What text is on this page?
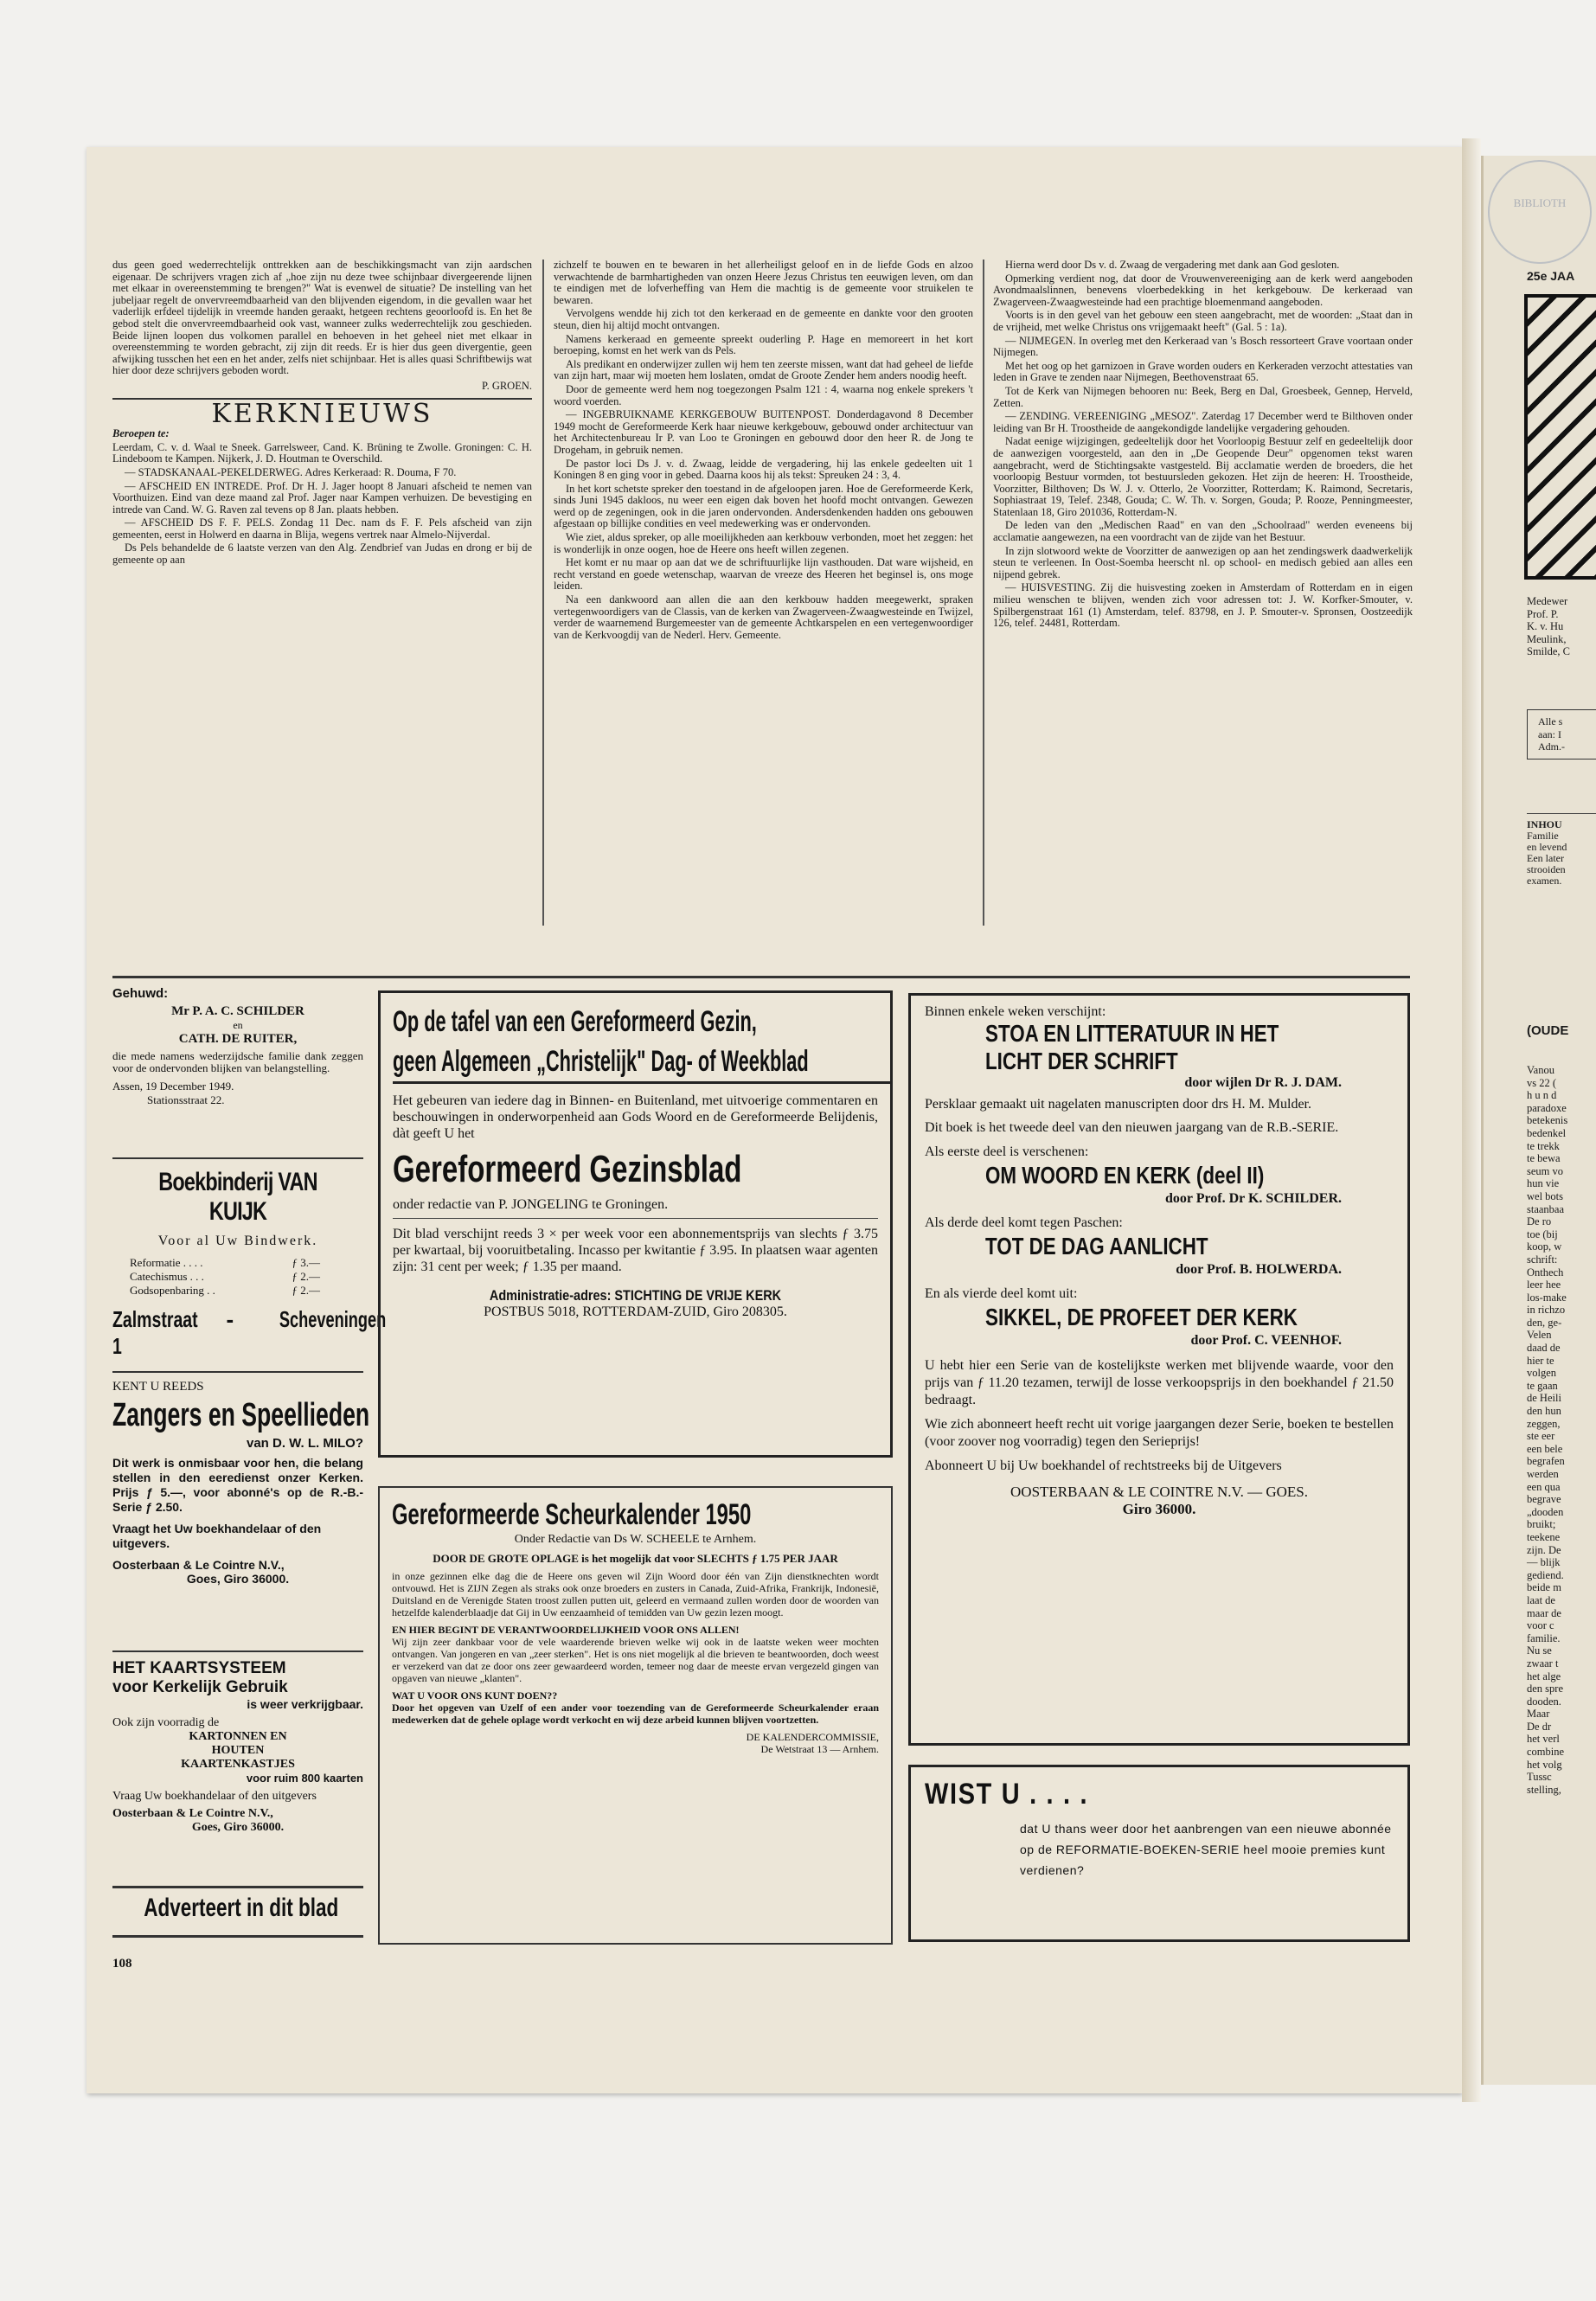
dus geen goed wederrechtelijk onttrekken aan de beschikkingsmacht van zijn aardschen eigenaar. De schrijvers vragen zich af „hoe zijn nu deze twee schijnbaar divergeerende lijnen met elkaar in overeenstemming te brengen?" Wat is evenwel de situatie? De instelling van het jubeljaar regelt de onvervreemdbaarheid van den blijvenden eigendom, in die gevallen waar het vaderlijk erfdeel tijdelijk in vreemde handen geraakt, hetgeen rechtens geoorloofd is. En het 8e gebod stelt die onvervreemdbaarheid ook vast, wanneer zulks wederrechtelijk zou geschieden. Beide lijnen loopen dus volkomen parallel en behoeven in het geheel niet met elkaar in overeenstemming te worden gebracht, zij zijn dit reeds. Er is hier dus geen divergentie, geen afwijking tusschen het een en het ander, zelfs niet schijnbaar. Het is alles quasi Schriftbewijs wat hier door deze schrijvers geboden wordt.

P. GROEN.
KERKNIEUWS
Beroepen te:

Leerdam, C. v. d. Waal te Sneek. Garrelsweer, Cand. K. Brüning te Zwolle. Groningen: C. H. Lindeboom te Kampen. Nijkerk, J. D. Houtman te Overschild.

— STADSKANAAL-PEKELDERWEG. Adres Kerkeraad: R. Douma, F 70.

— AFSCHEID EN INTREDE. Prof. Dr H. J. Jager hoopt 8 Januari afscheid te nemen van Voorthuizen. Eind van deze maand zal Prof. Jager naar Kampen verhuizen. De bevestiging en intrede van Cand. W. G. Raven zal tevens op 8 Jan. plaats hebben.

— AFSCHEID DS F. F. PELS. Zondag 11 Dec. nam ds F. F. Pels afscheid van zijn gemeenten, eerst in Holwerd en daarna in Blija, wegens vertrek naar Almelo-Nijverdal.

Ds Pels behandelde de 6 laatste verzen van den Alg. Zendbrief van Judas en drong er bij de gemeente op aan

zichzelf te bouwen en te bewaren in het allerheiligst geloof en in de liefde Gods en alzoo verwachtende de barmhartigheden van onzen Heere Jezus Christus ten eeuwigen leven, om dan te eindigen met de lofverheffing van Hem die machtig is de gemeente voor struikelen te bewaren.

Vervolgens wendde hij zich tot den kerkeraad en de gemeente en dankte voor den grooten steun, dien hij altijd mocht ontvangen.

Namens kerkeraad en gemeente spreekt ouderling P. Hage en memoreert in het kort beroeping, komst en het werk van ds Pels.

Als predikant en onderwijzer zullen wij hem ten zeerste missen, want dat had geheel de liefde van zijn hart, maar wij moeten hem loslaten, omdat de Groote Zender hem anders noodig heeft.

Door de gemeente werd hem nog toegezongen Psalm 121 : 4, waarna nog enkele sprekers 't woord voerden.

— INGEBRUIKNAME KERKGEBOUW BUITENPOST. Donderdagavond 8 December 1949 mocht de Gereformeerde Kerk haar nieuwe kerkgebouw, gebouwd onder architectuur van het Architectenbureau Ir P. van Loo te Groningen en gebouwd door den heer R. de Jong te Drogeham, in gebruik nemen.

De pastor loci Ds J. v. d. Zwaag, leidde de vergadering, hij las enkele gedeelten uit 1 Koningen 8 en ging voor in gebed. Daarna koos hij als tekst: Spreuken 24 : 3, 4.

In het kort schetste spreker den toestand in de afgeloopen jaren. Hoe de Gereformeerde Kerk, sinds Juni 1945 dakloos, nu weer een eigen dak boven het hoofd mocht ontvangen. Gewezen werd op de zegeningen, ook in die jaren ondervonden. Andersdenkenden hadden ons gebouwen afgestaan op billijke condities en veel medewerking was er ondervonden.

Wie ziet, aldus spreker, op alle moeilijkheden aan kerkbouw verbonden, moet het zeggen: het is wonderlijk in onze oogen, hoe de Heere ons heeft willen zegenen.

Het komt er nu maar op aan dat we de schriftuurlijke lijn vasthouden. Dat ware wijsheid, en recht verstand en goede wetenschap, waarvan de vreeze des Heeren het beginsel is, ons moge leiden.

Na een dankwoord aan allen die aan den kerkbouw hadden meegewerkt, spraken vertegenwoordigers van de Classis, van de kerken van Zwagerveen-Zwaagwesteinde en Twijzel, verder de waarnemend Burgemeester van de gemeente Achtkarspelen en een vertegenwoordiger van de Kerkvoogdij van de Nederl. Herv. Gemeente.

Hierna werd door Ds v. d. Zwaag de vergadering met dank aan God gesloten.

Opmerking verdient nog, dat door de Vrouwenvereeniging aan de kerk werd aangeboden Avondmaalslinnen, benevens vloerbedekking in het kerkgebouw. De kerkeraad van Zwagerveen-Zwaagwesteinde had een prachtige bloemenmand aangeboden.

Voorts is in den gevel van het gebouw een steen aangebracht, met de woorden: „Staat dan in de vrijheid, met welke Christus ons vrijgemaakt heeft" (Gal. 5 : 1a).

— NIJMEGEN. In overleg met den Kerkeraad van 's Bosch ressorteert Grave voortaan onder Nijmegen.

Met het oog op het garnizoen in Grave worden ouders en Kerkeraden verzocht attestaties van leden in Grave te zenden naar Nijmegen, Beethovenstraat 65.

Tot de Kerk van Nijmegen behooren nu: Beek, Berg en Dal, Groesbeek, Gennep, Herveld, Zetten.

— ZENDING. VEREENIGING „MESOZ". Zaterdag 17 December werd te Bilthoven onder leiding van Br H. Troostheide de aangekondigde landelijke vergadering gehouden.

Nadat eenige wijzigingen, gedeeltelijk door het Voorloopig Bestuur zelf en gedeeltelijk door de aanwezigen voorgesteld, aan den in „De Geopende Deur" opgenomen tekst waren aangebracht, werd de Stichtingsakte vastgesteld. Bij acclamatie werden de broeders, die het voorloopig Bestuur vormden, tot bestuursleden gekozen. Het zijn de heeren: H. Troostheide, Voorzitter, Bilthoven; Ds W. J. v. Otterlo, 2e Voorzitter, Rotterdam; K. Raimond, Secretaris, Sophiastraat 19, Telef. 2348, Gouda; C. W. Th. v. Sorgen, Gouda; P. Rooze, Penningmeester, Statenlaan 18, Giro 201036, Rotterdam-N.

De leden van den „Medischen Raad" en van den „Schoolraad" werden eveneens bij acclamatie aangewezen, na een voordracht van de zijde van het Bestuur.

In zijn slotwoord wekte de Voorzitter de aanwezigen op aan het zendingswerk daadwerkelijk steun te verleenen. In Oost-Soemba heerscht nl. op school- en medisch gebied aan alles een nijpend gebrek.

— HUISVESTING. Zij die huisvesting zoeken in Amsterdam of Rotterdam en in eigen milieu wenschen te blijven, wenden zich voor adressen tot: J. W. Korfker-Smouter, v. Spilbergenstraat 161 (1) Amsterdam, telef. 83798, en J. P. Smouter-v. Spronsen, Oostzeedijk 126, telef. 24481, Rotterdam.

Gehuwd:
Mr P. A. C. SCHILDER
en
CATH. DE RUITER,
die mede namens wederzijdsche familie dank zeggen voor de ondervonden blijken van belangstelling.
Assen, 19 December 1949.
Stationsstraat 22.
Boekbinderij VAN KUIJK
Voor al Uw Bindwerk.
Reformatie . . . .	ƒ 3.—
Catechismus . . .	ƒ 2.—
Godsopenbaring . .	ƒ 2.—
Zalmstraat 1
- Scheveningen
KENT U REEDS
Zangers en Speellieden
van D. W. L. MILO?
Dit werk is onmisbaar voor hen, die belang stellen in den eeredienst onzer Kerken. Prijs ƒ 5.—, voor abonné's op de R.-B.-Serie ƒ 2.50.
Vraagt het Uw boekhandelaar of den uitgevers.
Oosterbaan & Le Cointre N.V.,
Goes, Giro 36000.
HET KAARTSYSTEEM
voor Kerkelijk Gebruik
is weer verkrijgbaar.
Ook zijn voorradig de
KARTONNEN EN
HOUTEN
KAARTENKASTJES
voor ruim 800 kaarten
Vraag Uw boekhandelaar of den uitgevers
Oosterbaan & Le Cointre N.V.,
Goes, Giro 36000.
Adverteert in dit blad
108
Op de tafel van een Gereformeerd Gezin,
geen Algemeen „Christelijk" Dag- of Weekblad
Het gebeuren van iedere dag in Binnen- en Buitenland, met uitvoerige commentaren en beschouwingen in onderworpenheid aan Gods Woord en de Gereformeerde Belijdenis, dàt geeft U het
Gereformeerd Gezinsblad
onder redactie van P. JONGELING te Groningen.
Dit blad verschijnt reeds 3 × per week voor een abonnementsprijs van slechts ƒ 3.75 per kwartaal, bij vooruitbetaling. Incasso per kwitantie ƒ 3.95. In plaatsen waar agenten zijn: 31 cent per week; ƒ 1.35 per maand.
Administratie-adres: STICHTING DE VRIJE KERK
POSTBUS 5018, ROTTERDAM-ZUID, Giro 208305.
Gereformeerde Scheurkalender 1950
Onder Redactie van Ds W. SCHEELE te Arnhem.
DOOR DE GROTE OPLAGE is het mogelijk dat voor SLECHTS ƒ 1.75 PER JAAR
in onze gezinnen elke dag die de Heere ons geven wil Zijn Woord door één van Zijn dienstknechten wordt ontvouwd. Het is ZIJN Zegen als straks ook onze broeders en zusters in Canada, Zuid-Afrika, Frankrijk, Indonesië, Duitsland en de Verenigde Staten troost zullen putten uit, geleerd en vermaand zullen worden door de woorden van hetzelfde kalenderblaadje dat Gij in Uw eenzaamheid of temidden van Uw gezin lezen moogt.
EN HIER BEGINT DE VERANTWOORDELIJKHEID VOOR ONS ALLEN!
Wij zijn zeer dankbaar voor de vele waarderende brieven welke wij ook in de laatste weken weer mochten ontvangen. Van jongeren en van „zeer sterken". Het is ons niet mogelijk al die brieven te beantwoorden, doch weest er verzekerd van dat ze door ons zeer gewaardeerd worden, temeer nog daar de meeste ervan vergezeld gingen van opgaven van nieuwe „klanten".
WAT U VOOR ONS KUNT DOEN??
Door het opgeven van Uzelf of een ander voor toezending van de Gereformeerde Scheurkalender eraan medewerken dat de gehele oplage wordt verkocht en wij deze arbeid kunnen blijven voortzetten.
DE KALENDERCOMMISSIE,
De Wetstraat 13 — Arnhem.
Binnen enkele weken verschijnt:
STOA EN LITTERATUUR IN HET
LICHT DER SCHRIFT
door wijlen Dr R. J. DAM.
Persklaar gemaakt uit nagelaten manuscripten door drs H. M. Mulder.
Dit boek is het tweede deel van den nieuwen jaargang van de R.B.-SERIE.
Als eerste deel is verschenen:
OM WOORD EN KERK (deel II)
door Prof. Dr K. SCHILDER.
Als derde deel komt tegen Paschen:
TOT DE DAG AANLICHT
door Prof. B. HOLWERDA.
En als vierde deel komt uit:
SIKKEL, DE PROFEET DER KERK
door Prof. C. VEENHOF.
U hebt hier een Serie van de kostelijkste werken met blijvende waarde, voor den prijs van ƒ 11.20 tezamen, terwijl de losse verkoopsprijs in den boekhandel ƒ 21.50 bedraagt.
Wie zich abonneert heeft recht uit vorige jaargangen dezer Serie, boeken te bestellen (voor zoover nog voorradig) tegen den Serieprijs!
Abonneert U bij Uw boekhandel of rechtstreeks bij de Uitgevers
OOSTERBAAN & LE COINTRE N.V. — GOES.
Giro 36000.
WIST U . . . .
dat U thans weer door het aanbrengen van een nieuwe abonnée op de REFORMATIE-BOEKEN-SERIE heel mooie premies kunt verdienen?
BIBLIOTH
25e JAA
Medewer
Prof. P.
K. v. Hu
Meulink,
Smilde, C
Alle s
aan: I
Adm.-
INHOU
Familie
en levend
Een later
strooiden
examen.
(OUDE
Vanou
vs 22 (
h u n d
paradoxe
betekenis
bedenkel
te trekk
te bewa
seum vo
hun vie
wel bots
staanbaa
De ro
toe (bij
koop, w
schrift:
Onthech
leer hee
los-make
in richzo
den, ge-
Velen
daad de
hier te
volgen
te gaan
de Heili
den hun
zeggen,
ste eer
een bele
begrafen
werden
een qua
begrave
„dooden
bruikt;
teekene
zijn. De
— blijk
gediend.
beide m
laat de
maar de
voor c
familie.
Nu se
zwaar t
het alge
den spre
dooden.
Maar
De dr
het verl
combine
het volg
Tussc
stelling,
